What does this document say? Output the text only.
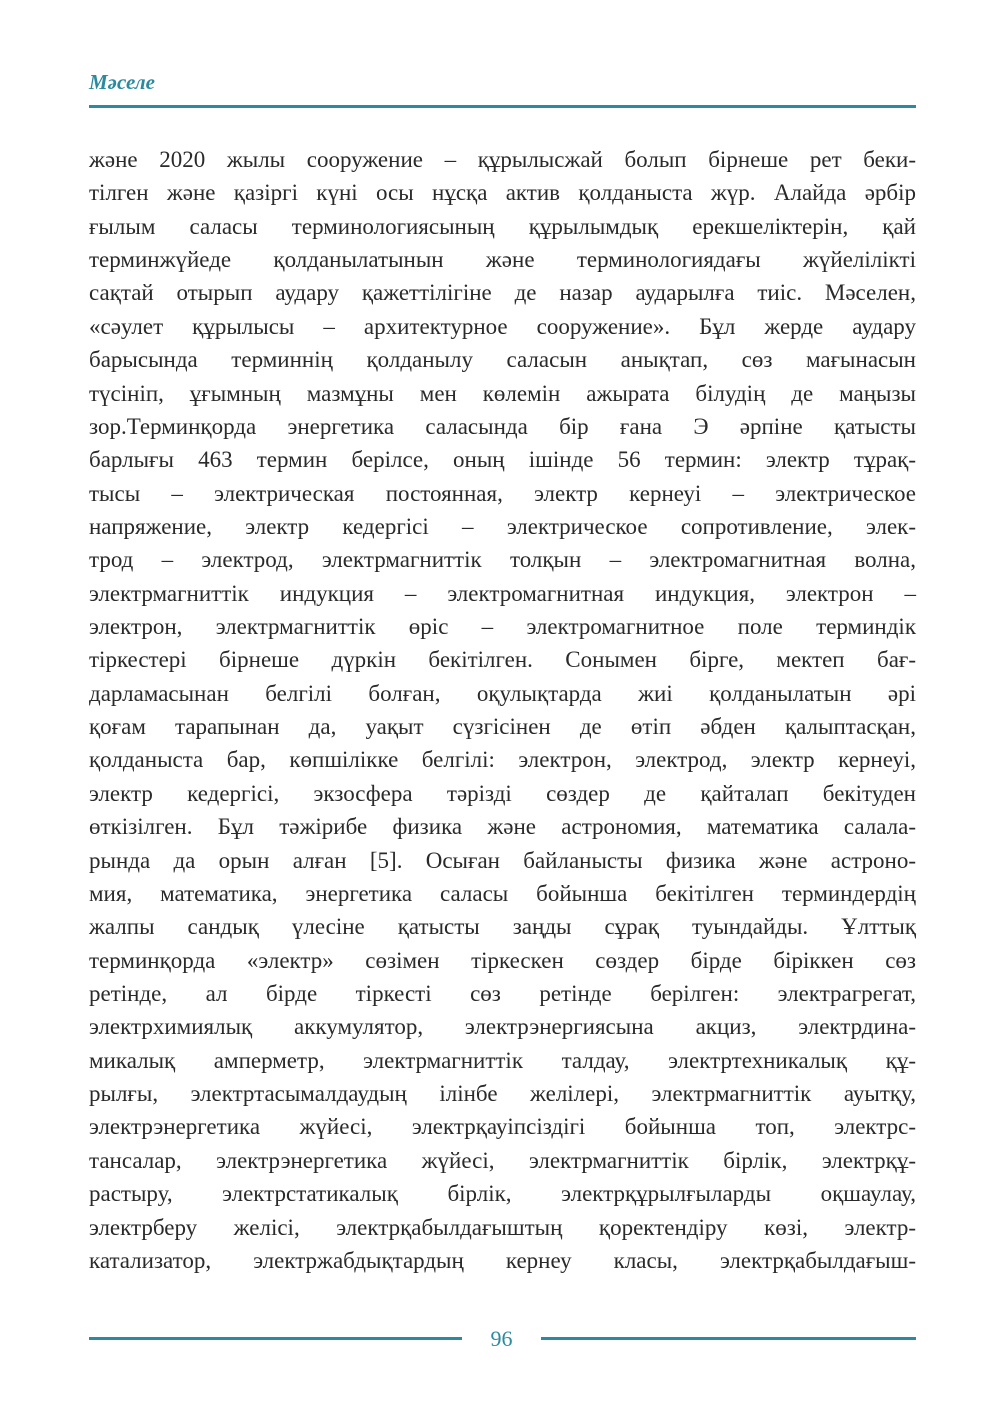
Мәселе
және 2020 жылы сооружение – құрылысжай болып бірнеше рет беки-
тілген және қазіргі күні осы нұсқа актив қолданыста жүр. Алайда әрбір
ғылым саласы терминологиясының құрылымдық ерекшеліктерін, қай
терминжүйеде қолданылатынын және терминологиядағы жүйелілікті
сақтай отырып аудару қажеттілігіне де назар аударылғa тиіс. Мәселен,
«сәулет құрылысы – архитектурное сооружение». Бұл жерде аудару
барысында терминнің қолданылу саласын анықтап, сөз мағынасын
түсініп, ұғымның мазмұны мен көлемін ажырата білудің де маңызы
зор.Терминқорда энергетика саласында бір ғана Э әрпіне қатысты
барлығы 463 термин берілсе, оның ішінде 56 термин: электр тұрақ-
тысы – электрическая постоянная, электр кернеуі – электрическое
напряжение, электр кедергісі – электрическое сопротивление, элек-
трод – электрод, электрмагниттік толқын – электромагнитная волна,
электрмагниттік индукция – электромагнитная индукция, электрон –
электрон, электрмагниттік өріс – электромагнитное поле терминдік
тіркестері бірнеше дүркін бекітілген. Сонымен бірге, мектеп бағ-
дарламасынан белгілі болған, оқулықтарда жиі қолданылатын әрі
қоғам тарапынан да, уақыт сүзгісінен де өтіп әбден қалыптасқан,
қолданыста бар, көпшілікке белгілі: электрон, электрод, электр кернеуі,
электр кедергісі, экзосфера тәрізді сөздер де қайталап бекітуден
өткізілген. Бұл тәжірибе физика және астрономия, математика салала-
рында да орын алған [5]. Осыған байланысты физика және астроно-
мия, математика, энергетика саласы бойынша бекітілген терминдердің
жалпы сандық үлесіне қатысты заңды сұрақ туындайды. Ұлттық
терминқорда «электр» сөзімен тіркескен сөздер бірде біріккен сөз
ретінде, ал бірде тіркесті сөз ретінде берілген: электрагрегат,
электрхимиялық аккумулятор, электрэнергиясына акциз, электрдина-
микалық амперметр, электрмагниттік талдау, электртехникалық құ-
рылғы, электртасымалдаудың ілінбе желілері, электрмагниттік ауытқу,
электрэнергетика жүйесі, электрқауіпсіздігі бойынша топ, электрс-
тансалар, электрэнергетика жүйесі, электрмагниттік бірлік, электрқұ-
растыру, электрстатикалық бірлік, электрқұрылғыларды оқшаулау,
электрберу желісі, электрқабылдағыштың қоректендіру көзі, электр-
катализатор, электржабдықтардың кернеу класы, электрқабылдағыш-
96
